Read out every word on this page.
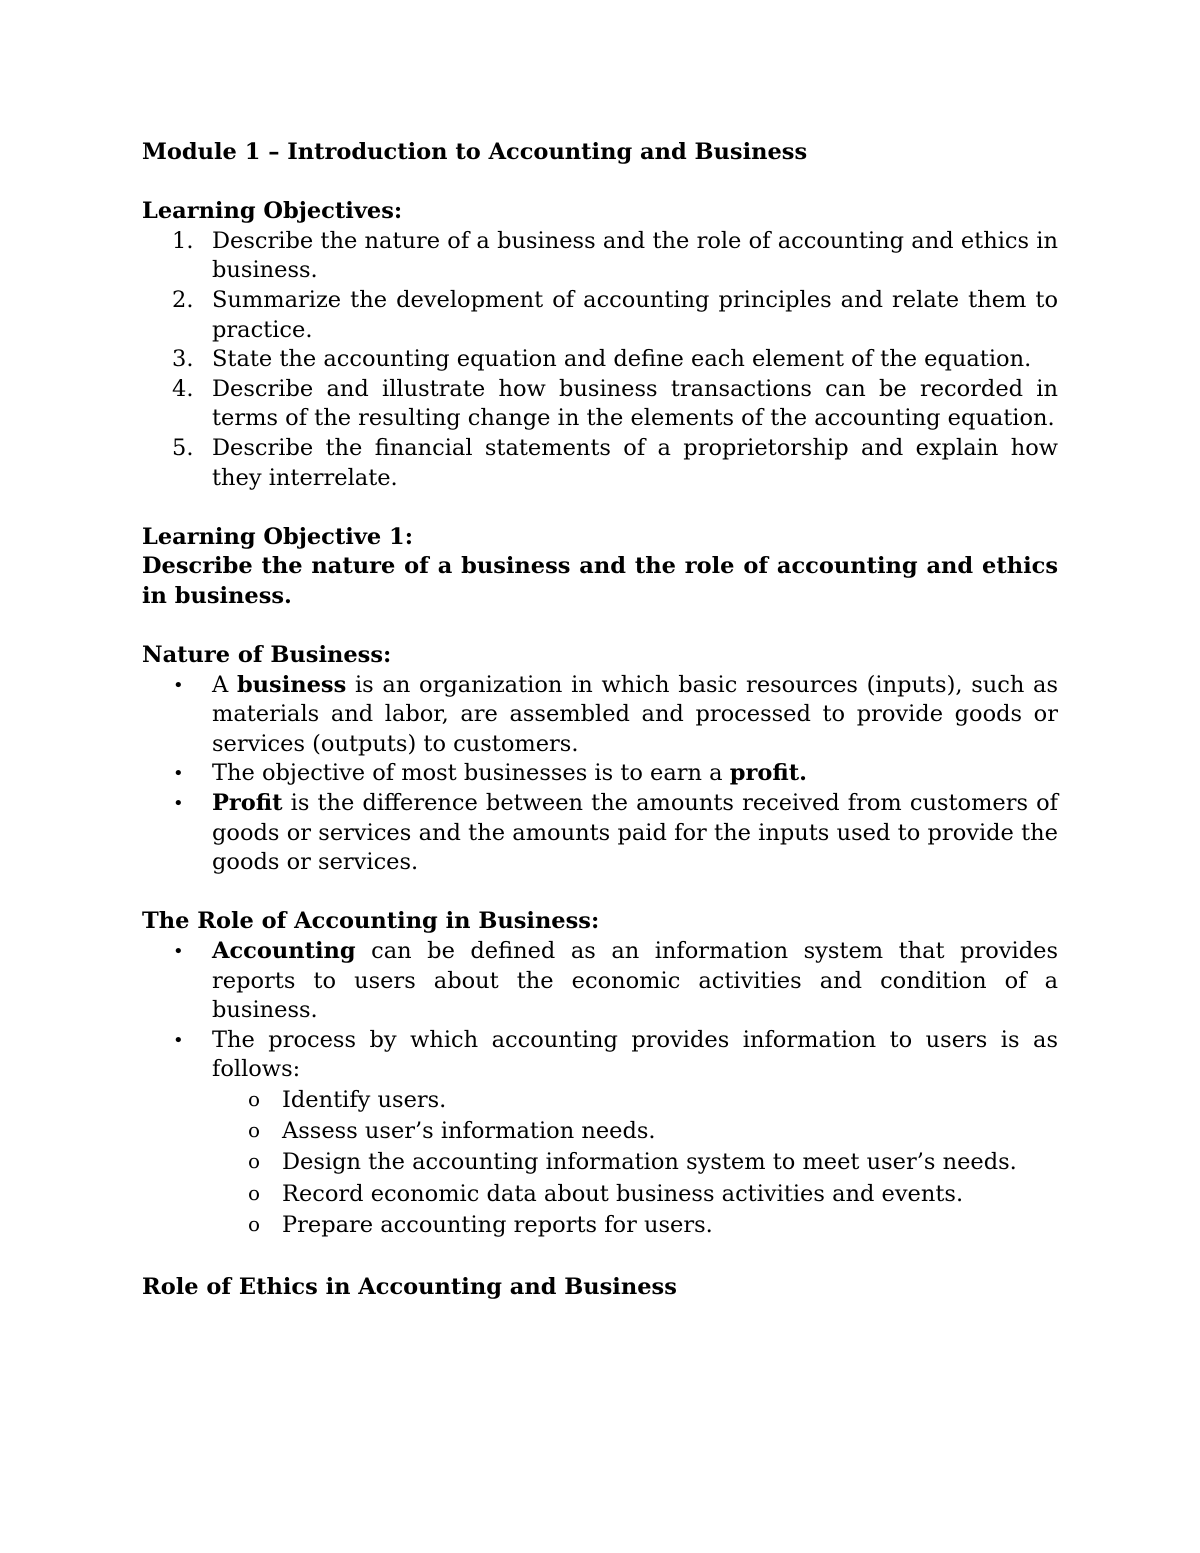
Module 1 – Introduction to Accounting and Business

Learning Objectives:

1. Describe the nature of a business and the role of accounting and ethics in business.
2. Summarize the development of accounting principles and relate them to practice.
3. State the accounting equation and define each element of the equation.
4. Describe and illustrate how business transactions can be recorded in terms of the resulting change in the elements of the accounting equation.
5. Describe the financial statements of a proprietorship and explain how they interrelate.

Learning Objective 1:

Describe the nature of a business and the role of accounting and ethics in business.

Nature of Business:

•	A business is an organization in which basic resources (inputs), such as materials and labor, are assembled and processed to provide goods or services (outputs) to customers.
•	The objective of most businesses is to earn a profit.
•	Profit is the difference between the amounts received from customers of goods or services and the amounts paid for the inputs used to provide the goods or services.

The Role of Accounting in Business:

•	Accounting can be defined as an information system that provides reports to users about the economic activities and condition of a business.
•	The process by which accounting provides information to users is as follows:
o Identify users.
o Assess user’s information needs.
o Design the accounting information system to meet user’s needs.
o Record economic data about business activities and events.
o Prepare accounting reports for users.

Role of Ethics in Accounting and Business
